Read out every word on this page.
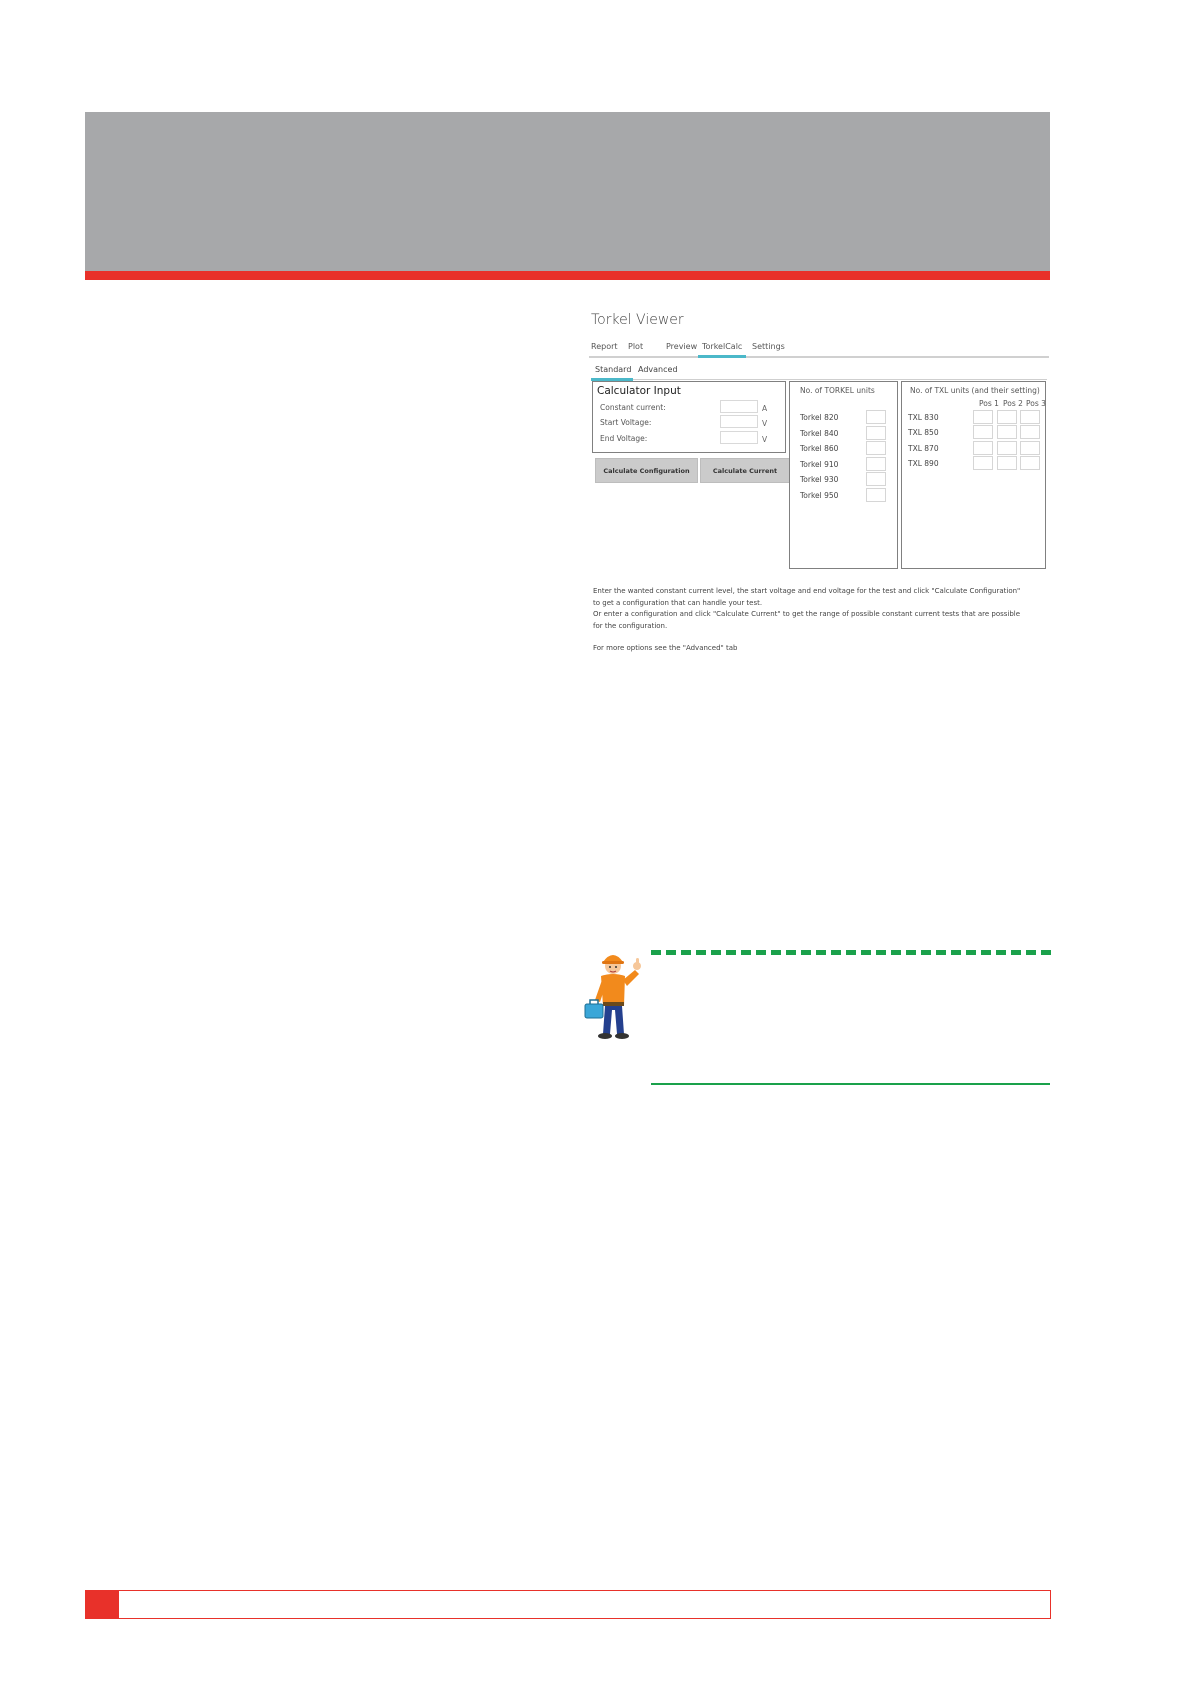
Torkel Viewer
Report Plot	Preview TorkelCalc Settings
Standard Advanced
Calculator Input
Constant current:	A
Start Voltage:	V
End Voltage:	V
Calculate Configuration	Calculate Current
No. of TORKEL units
Torkel 820
Torkel 840
Torkel 860
Torkel 910
Torkel 930
Torkel 950
No. of TXL units (and their setting)
Pos 1 Pos 2 Pos 3
TXL 830
TXL 850
TXL 870
TXL 890
Enter the wanted constant current level, the start voltage and end voltage for the test and click "Calculate Configuration"
to get a configuration that can handle your test.
Or enter a configuration and click "Calculate Current" to get the range of possible constant current tests that are possible
for the configuration.
For more options see the "Advanced" tab
